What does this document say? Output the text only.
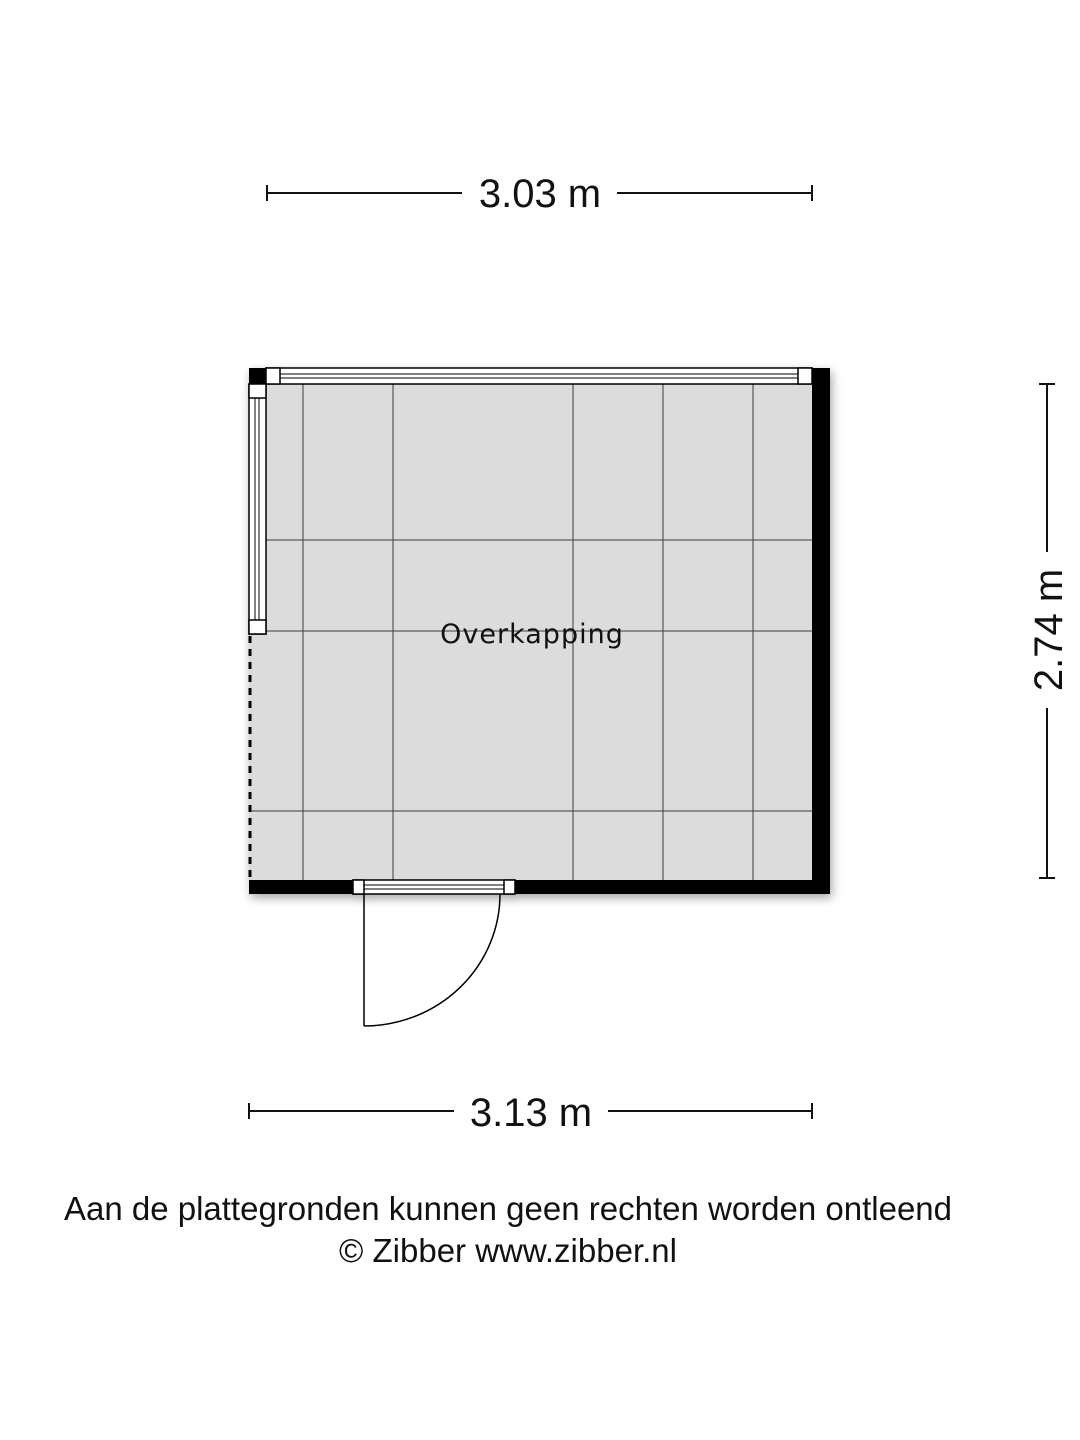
3.03 m
Overkapping	2.74 m
3.13 m
Aan de plattegronden kunnen geen rechten worden ontleend
© Zibber www.zibber.nl
